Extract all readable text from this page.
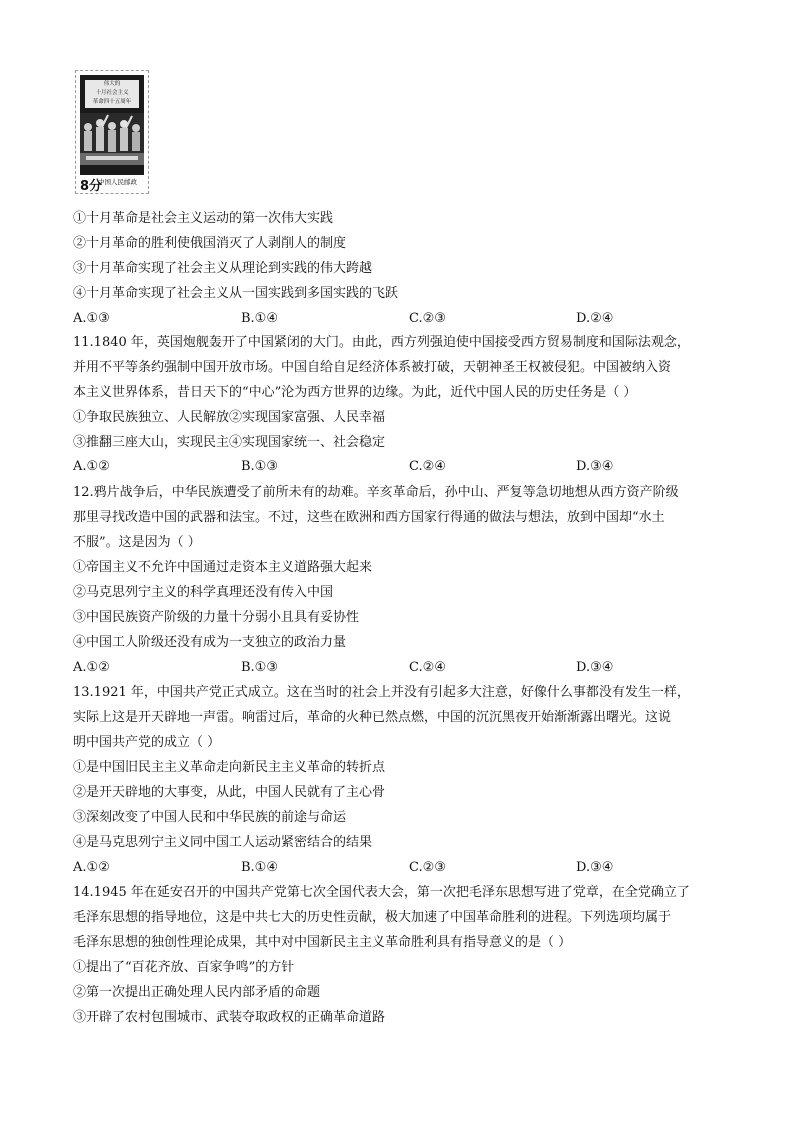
伟大的
十月社会主义
革命四十五周年
8分
中国人民邮政
①十月革命是社会主义运动的第一次伟大实践
②十月革命的胜利使俄国消灭了人剥削人的制度
③十月革命实现了社会主义从理论到实践的伟大跨越
④十月革命实现了社会主义从一国实践到多国实践的飞跃
A.①③	B.①④	C.②③	D.②④
11.1840 年，英国炮舰轰开了中国紧闭的大门。由此，西方列强迫使中国接受西方贸易制度和国际法观念，
并用不平等条约强制中国开放市场。中国自给自足经济体系被打破，天朝神圣王权被侵犯。中国被纳入资
本主义世界体系，昔日天下的“中心”沦为西方世界的边缘。为此，近代中国人民的历史任务是（ ）
①争取民族独立、人民解放②实现国家富强、人民幸福
③推翻三座大山，实现民主④实现国家统一、社会稳定
A.①②	B.①③	C.②④	D.③④
12.鸦片战争后，中华民族遭受了前所未有的劫难。辛亥革命后，孙中山、严复等急切地想从西方资产阶级
那里寻找改造中国的武器和法宝。不过，这些在欧洲和西方国家行得通的做法与想法，放到中国却“水土
不服”。这是因为（ ）
①帝国主义不允许中国通过走资本主义道路强大起来
②马克思列宁主义的科学真理还没有传入中国
③中国民族资产阶级的力量十分弱小且具有妥协性
④中国工人阶级还没有成为一支独立的政治力量
A.①②	B.①③	C.②④	D.③④
13.1921 年，中国共产党正式成立。这在当时的社会上并没有引起多大注意，好像什么事都没有发生一样，
实际上这是开天辟地一声雷。响雷过后，革命的火种已然点燃，中国的沉沉黑夜开始渐渐露出曙光。这说
明中国共产党的成立（ ）
①是中国旧民主主义革命走向新民主主义革命的转折点
②是开天辟地的大事变，从此，中国人民就有了主心骨
③深刻改变了中国人民和中华民族的前途与命运
④是马克思列宁主义同中国工人运动紧密结合的结果
A.①②	B.①④	C.②③	D.③④
14.1945 年在延安召开的中国共产党第七次全国代表大会，第一次把毛泽东思想写进了党章，在全党确立了
毛泽东思想的指导地位，这是中共七大的历史性贡献，极大加速了中国革命胜利的进程。下列选项均属于
毛泽东思想的独创性理论成果，其中对中国新民主主义革命胜利具有指导意义的是（ ）
①提出了“百花齐放、百家争鸣”的方针
②第一次提出正确处理人民内部矛盾的命题
③开辟了农村包围城市、武装夺取政权的正确革命道路
